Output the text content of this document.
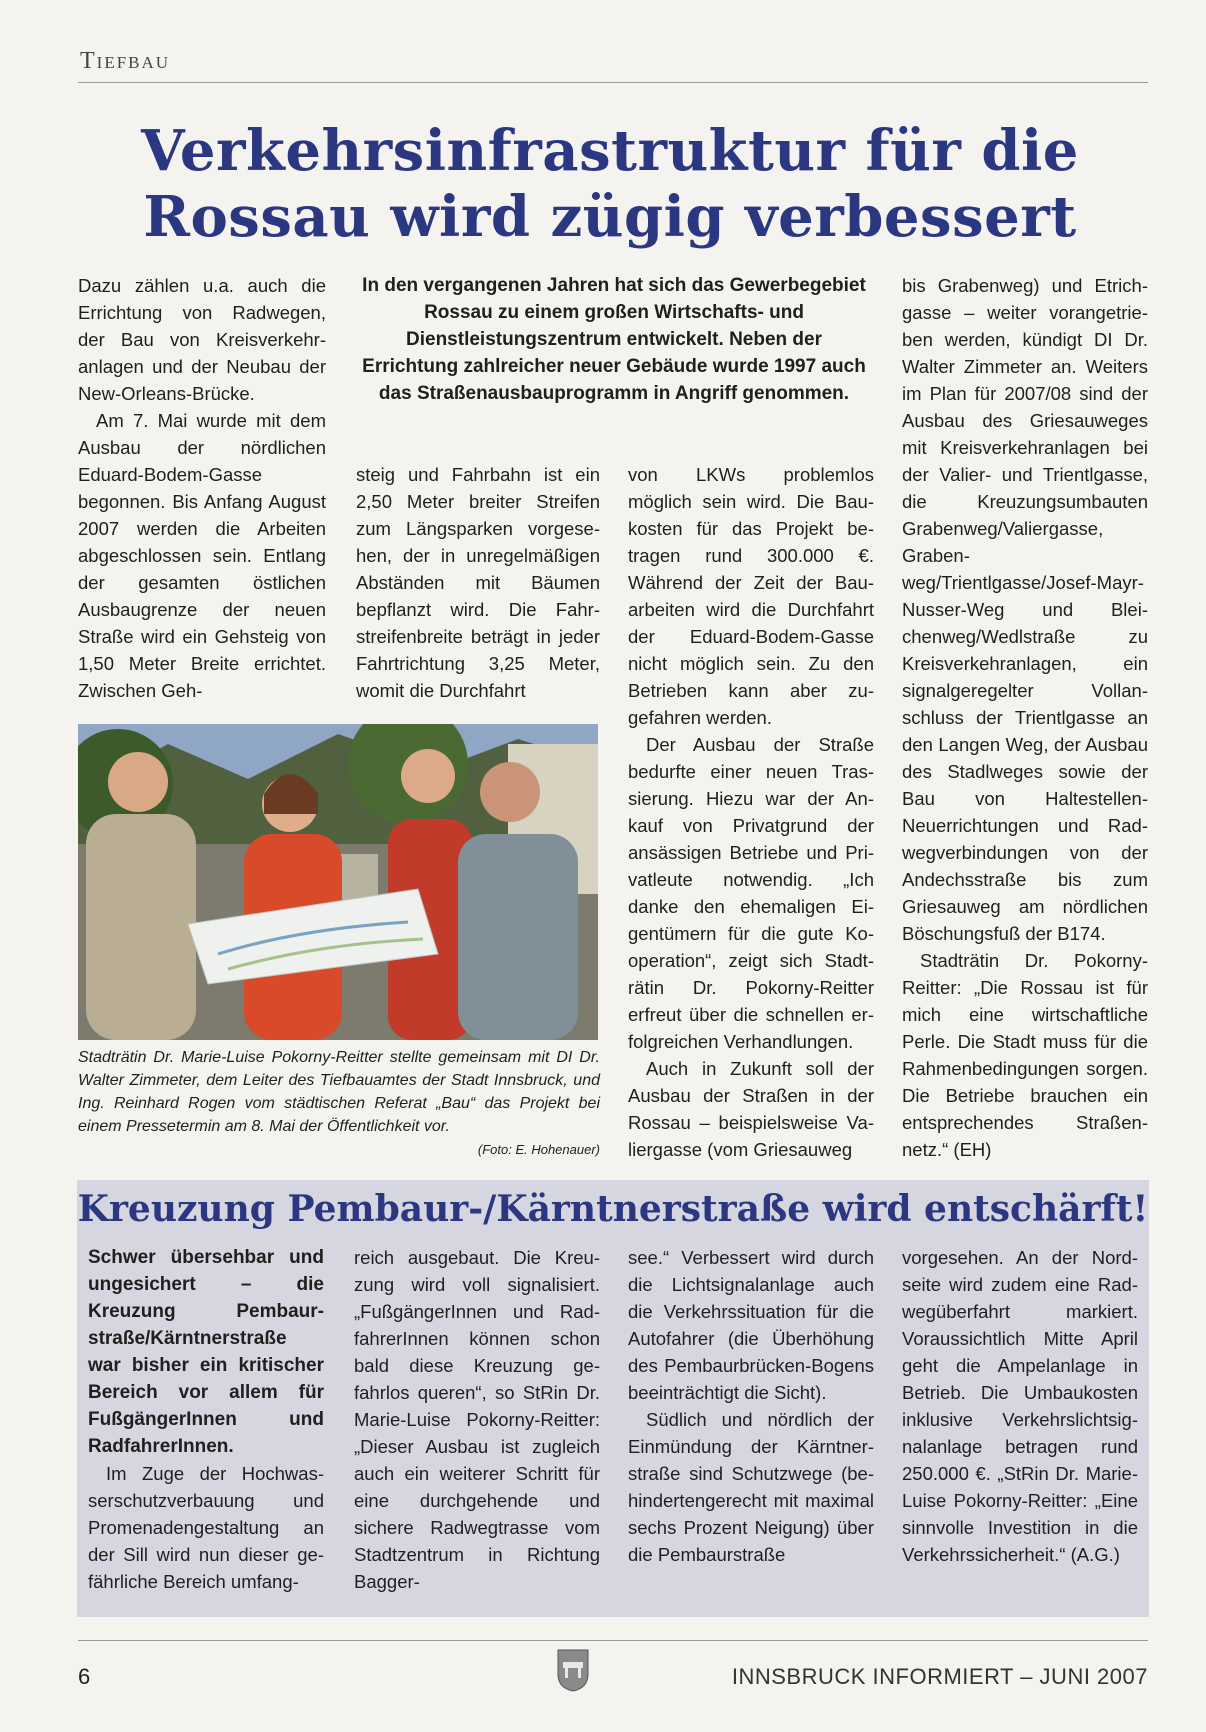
Tiefbau
Verkehrsinfrastruktur für die
Rossau wird zügig verbessert

Dazu zählen u.a. auch die Errichtung von Radwegen, der Bau von Kreisverkehranlagen und der Neubau der New-Orleans-Brücke.

Am 7. Mai wurde mit dem Ausbau der nördlichen Eduard-Bodem-Gasse begonnen. Bis Anfang August 2007 werden die Arbeiten abgeschlossen sein. Entlang der gesamten östlichen Ausbaugrenze der neuen Straße wird ein Gehsteig von 1,50 Meter Breite errichtet. Zwischen Geh-

In den vergangenen Jahren hat sich das Gewerbegebiet Rossau zu einem großen Wirtschafts- und Dienstleistungszentrum entwickelt. Neben der Errichtung zahlreicher neuer Gebäude wurde 1997 auch das Straßenausbauprogramm in Angriff genommen.

steig und Fahrbahn ist ein 2,50 Meter breiter Streifen zum Längsparken vorgesehen, der in unregelmäßigen Abständen mit Bäumen bepflanzt wird. Die Fahrstreifenbreite beträgt in jeder Fahrtrichtung 3,25 Meter, womit die Durchfahrt

von LKWs problemlos möglich sein wird. Die Baukosten für das Projekt betragen rund 300.000 €. Während der Zeit der Bauarbeiten wird die Durchfahrt der Eduard-Bodem-Gasse nicht möglich sein. Zu den Betrieben kann aber zugefahren werden.

Der Ausbau der Straße bedurfte einer neuen Trassierung. Hiezu war der Ankauf von Privatgrund der ansässigen Betriebe und Privatleute notwendig. „Ich danke den ehemaligen Eigentümern für die gute Kooperation“, zeigt sich Stadträtin Dr. Pokorny-Reitter erfreut über die schnellen erfolgreichen Verhandlungen.

Auch in Zukunft soll der Ausbau der Straßen in der Rossau – beispielsweise Valiergasse (vom Griesauweg

bis Grabenweg) und Etrichgasse – weiter vorangetrieben werden, kündigt DI Dr. Walter Zimmeter an. Weiters im Plan für 2007/08 sind der Ausbau des Griesauweges mit Kreisverkehranlagen bei der Valier- und Trientlgasse, die Kreuzungsumbauten Grabenweg/Valiergasse, Grabenweg/Trientlgasse/Josef-Mayr-Nusser-Weg und Bleichenweg/Wedlstraße zu Kreisverkehranlagen, ein signalgeregelter Vollanschluss der Trientlgasse an den Langen Weg, der Ausbau des Stadlweges sowie der Bau von Haltestellen-Neuerrichtungen und Radwegverbindungen von der Andechsstraße bis zum Griesauweg am nördlichen Böschungsfuß der B174.

Stadträtin Dr. Pokorny-Reitter: „Die Rossau ist für mich eine wirtschaftliche Perle. Die Stadt muss für die Rahmenbedingungen sorgen. Die Betriebe brauchen ein entsprechendes Straßennetz.“ (EH)

Stadträtin Dr. Marie-Luise Pokorny-Reitter stellte gemeinsam mit DI Dr. Walter Zimmeter, dem Leiter des Tiefbauamtes der Stadt Innsbruck, und Ing. Reinhard Rogen vom städtischen Referat „Bau“ das Projekt bei einem Pressetermin am 8. Mai der Öffentlichkeit vor.
(Foto: E. Hohenauer)
Kreuzung Pembaur-/Kärntnerstraße wird entschärft!

Schwer übersehbar und ungesichert – die Kreuzung Pembaurstraße/Kärntnerstraße war bisher ein kritischer Bereich vor allem für FußgängerInnen und RadfahrerInnen.

Im Zuge der Hochwasserschutzverbauung und Promenadengestaltung an der Sill wird nun dieser gefährliche Bereich umfang-

reich ausgebaut. Die Kreuzung wird voll signalisiert. „FußgängerInnen und RadfahrerInnen können schon bald diese Kreuzung gefahrlos queren“, so StRin Dr. Marie-Luise Pokorny-Reitter: „Dieser Ausbau ist zugleich auch ein weiterer Schritt für eine durchgehende und sichere Radwegtrasse vom Stadtzentrum in Richtung Bagger-

see.“ Verbessert wird durch die Lichtsignalanlage auch die Verkehrssituation für die Autofahrer (die Überhöhung des Pembaurbrücken-Bogens beeinträchtigt die Sicht).

Südlich und nördlich der Einmündung der Kärntnerstraße sind Schutzwege (behindertengerecht mit maximal sechs Prozent Neigung) über die Pembaurstraße

vorgesehen. An der Nordseite wird zudem eine Radwegüberfahrt markiert. Voraussichtlich Mitte April geht die Ampelanlage in Betrieb. Die Umbaukosten inklusive Verkehrslichtsignalanlage betragen rund 250.000 €. „StRin Dr. Marie-Luise Pokorny-Reitter: „Eine sinnvolle Investition in die Verkehrssicherheit.“ (A.G.)

6	INNSBRUCK INFORMIERT – JUNI 2007
